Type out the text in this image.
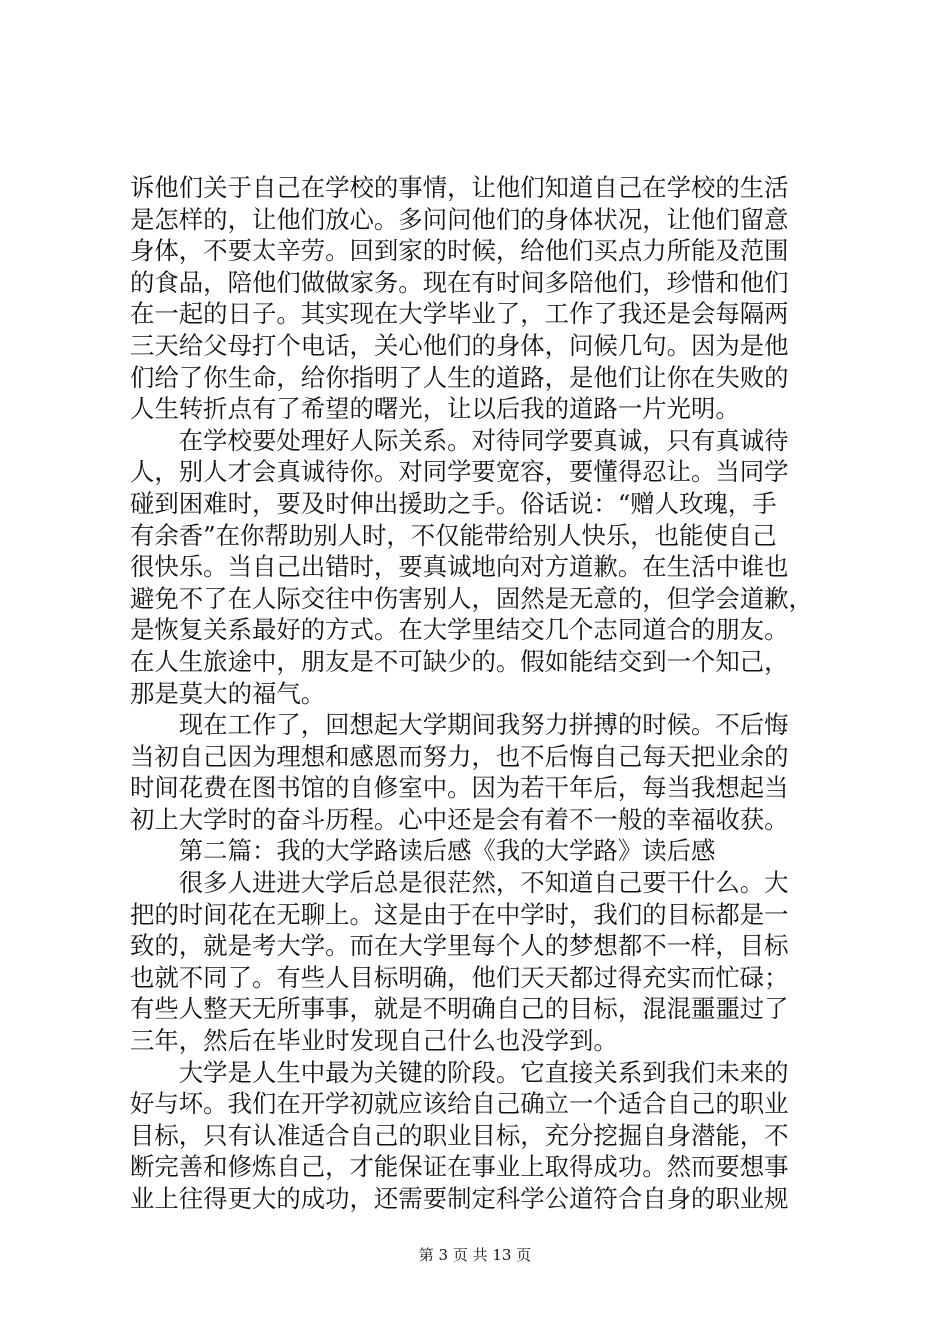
诉他们关于自己在学校的事情，让他们知道自己在学校的生活
是怎样的，让他们放心。多问问他们的身体状况，让他们留意
身体，不要太辛劳。回到家的时候，给他们买点力所能及范围
的食品，陪他们做做家务。现在有时间多陪他们，珍惜和他们
在一起的日子。其实现在大学毕业了，工作了我还是会每隔两
三天给父母打个电话，关心他们的身体，问候几句。因为是他
们给了你生命，给你指明了人生的道路，是他们让你在失败的
人生转折点有了希望的曙光，让以后我的道路一片光明。
　　在学校要处理好人际关系。对待同学要真诚，只有真诚待
人，别人才会真诚待你。对同学要宽容，要懂得忍让。当同学
碰到困难时，要及时伸出援助之手。俗话说：“赠人玫瑰，手
有余香”在你帮助别人时，不仅能带给别人快乐，也能使自己
很快乐。当自己出错时，要真诚地向对方道歉。在生活中谁也
避免不了在人际交往中伤害别人，固然是无意的，但学会道歉，
是恢复关系最好的方式。在大学里结交几个志同道合的朋友。
在人生旅途中，朋友是不可缺少的。假如能结交到一个知己，
那是莫大的福气。
　　现在工作了，回想起大学期间我努力拼搏的时候。不后悔
当初自己因为理想和感恩而努力，也不后悔自己每天把业余的
时间花费在图书馆的自修室中。因为若干年后，每当我想起当
初上大学时的奋斗历程。心中还是会有着不一般的幸福收获。
　　第二篇：我的大学路读后感《我的大学路》读后感
　　很多人进进大学后总是很茫然，不知道自己要干什么。大
把的时间花在无聊上。这是由于在中学时，我们的目标都是一
致的，就是考大学。而在大学里每个人的梦想都不一样，目标
也就不同了。有些人目标明确，他们天天都过得充实而忙碌；
有些人整天无所事事，就是不明确自己的目标，混混噩噩过了
三年，然后在毕业时发现自己什么也没学到。
　　大学是人生中最为关键的阶段。它直接关系到我们未来的
好与坏。我们在开学初就应该给自己确立一个适合自己的职业
目标，只有认准适合自己的职业目标，充分挖掘自身潜能，不
断完善和修炼自己，才能保证在事业上取得成功。然而要想事
业上往得更大的成功，还需要制定科学公道符合自身的职业规
第 3 页 共 13 页
